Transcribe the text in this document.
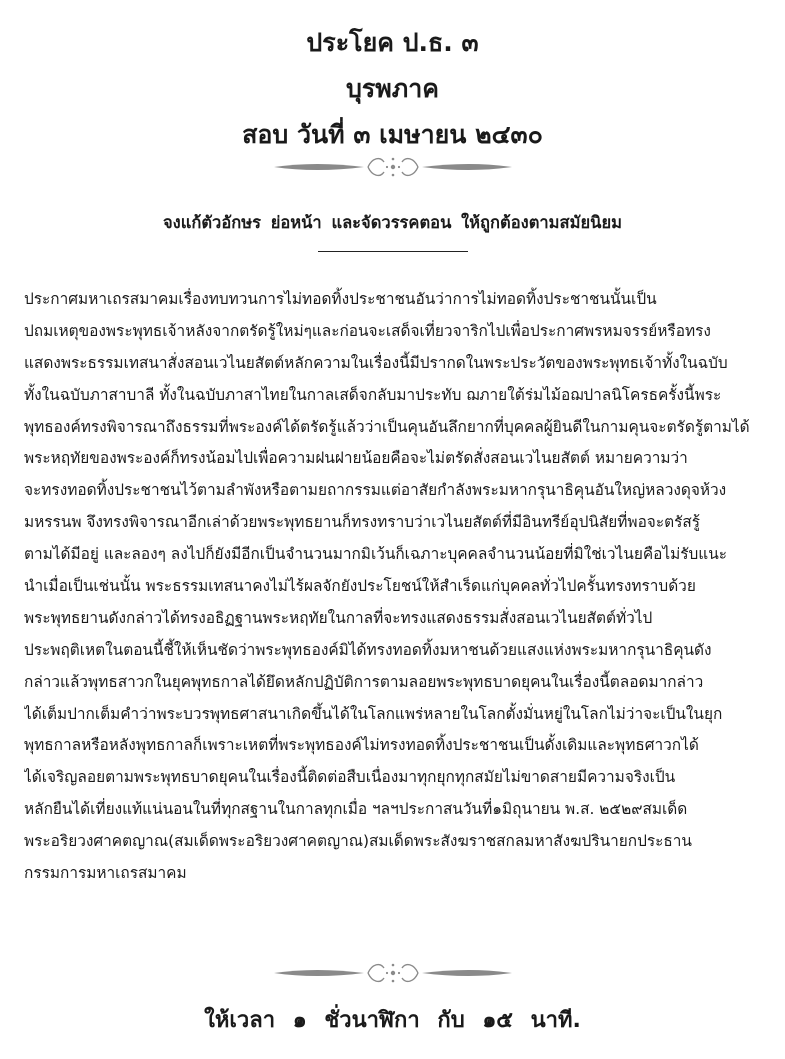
ประโยค ป.ธ. ๓
บุรพภาค
สอบ วันที่ ๓ เมษายน ๒๔๓๐
จงแก้ตัวอักษร ย่อหน้า และจัดวรรคตอน ให้ถูกต้องตามสมัยนิยม
ประกาศมหาเถรสมาคมเรื่องทบทวนการไม่ทอดทิ้งประชาชนอันว่าการไม่ทอดทิ้งประชาชนนั้นเป็น
ปถมเหตุของพระพุทธเจ้าหลังจากตรัดรู้ใหม่ๆและก่อนจะเสด็จเที่ยวจาริกไปเพื่อประกาศพรหมจรรย์หรือทรง
แสดงพระธรรมเทสนาสั่งสอนเวไนยสัตต์หลักความในเรื่องนี้มีปรากดในพระประวัตของพระพุทธเจ้าทั้งในฉบับ
ทั้งในฉบับภาสาบาลี ทั้งในฉบับภาสาไทยในกาลเสด็จกลับมาประทับ ฌภายใต้ร่มไม้อฌปาลนิโครธครั้งนี้พระ
พุทธองค์ทรงพิจารณาถึงธรรมที่พระองค์ได้ตรัดรู้แล้วว่าเป็นคุนอันลึกยากที่บุคคลผู้ยินดีในกามคุนจะตรัดรู้ตามได้
พระหฤทัยของพระองค์ก็ทรงน้อมไปเพื่อความฝนฝายน้อยคือจะไม่ตรัดสั่งสอนเวไนยสัตต์ หมายความว่า
จะทรงทอดทิ้งประชาชนไว้ตามลำพังหรือตามยถากรรมแต่อาสัยกำลังพระมหากรุนาธิคุนอันใหญ่หลวงดุจห้วง
มหรรนพ จึงทรงพิจารณาอีกเล่าด้วยพระพุทธยานก็ทรงทราบว่าเวไนยสัตต์ที่มีอินทรีย์อุปนิสัยที่พอจะตรัสรู้
ตามได้มีอยู่ และลองๆ ลงไปก็ยังมีอีกเป็นจำนวนมากมิเว้นก็เฉภาะบุคคลจำนวนน้อยที่มิใช่เวไนยคือไม่รับแนะ
นำเมื่อเป็นเช่นนั้น พระธรรมเทสนาคงไม่ไร้ผลจักยังประโยชน์ให้สำเร็ดแก่บุคคลทั่วไปครั้นทรงทราบด้วย
พระพุทธยานดังกล่าวได้ทรงอธิฏฐานพระหฤทัยในกาลที่จะทรงแสดงธรรมสั่งสอนเวไนยสัตต์ทั่วไป
ประพฤติเหตในตอนนี้ชี้ให้เห็นชัดว่าพระพุทธองค์มิได้ทรงทอดทิ้งมหาชนด้วยแสงแห่งพระมหากรุนาธิคุนดัง
กล่าวแล้วพุทธสาวกในยุคพุทธกาลได้ยึดหลักปฏิบัติการตามลอยพระพุทธบาดยุคนในเรื่องนี้ตลอดมากล่าว
ได้เต็มปากเต็มคำว่าพระบวรพุทธศาสนาเกิดขึ้นได้ในโลกแพร่หลายในโลกตั้งมั่นหยู่ในโลกไม่ว่าจะเป็นในยุก
พุทธกาลหรือหลังพุทธกาลก็เพราะเหตที่พระพุทธองค์ไม่ทรงทอดทิ้งประชาชนเป็นดั้งเดิมและพุทธศาวกได้
ได้เจริญลอยตามพระพุทธบาดยุคนในเรื่องนี้ติดต่อสืบเนื่องมาทุกยุกทุกสมัยไม่ขาดสายมีความจริงเป็น
หลักยืนได้เที่ยงแท้แน่นอนในที่ทุกสฐานในกาลทุกเมื่อ ฯลฯประกาสนวันที่๑มิถุนายน พ.ส. ๒๕๒๙สมเด็ด
พระอริยวงศาคตญาณ(สมเด็ดพระอริยวงศาคตญาณ)สมเด็ดพระสังฆราชสกลมหาสังฆปรินายกประธาน
กรรมการมหาเถรสมาคม
ให้เวลา ๑ ชั่วนาฬิกา กับ ๑๕ นาที.
